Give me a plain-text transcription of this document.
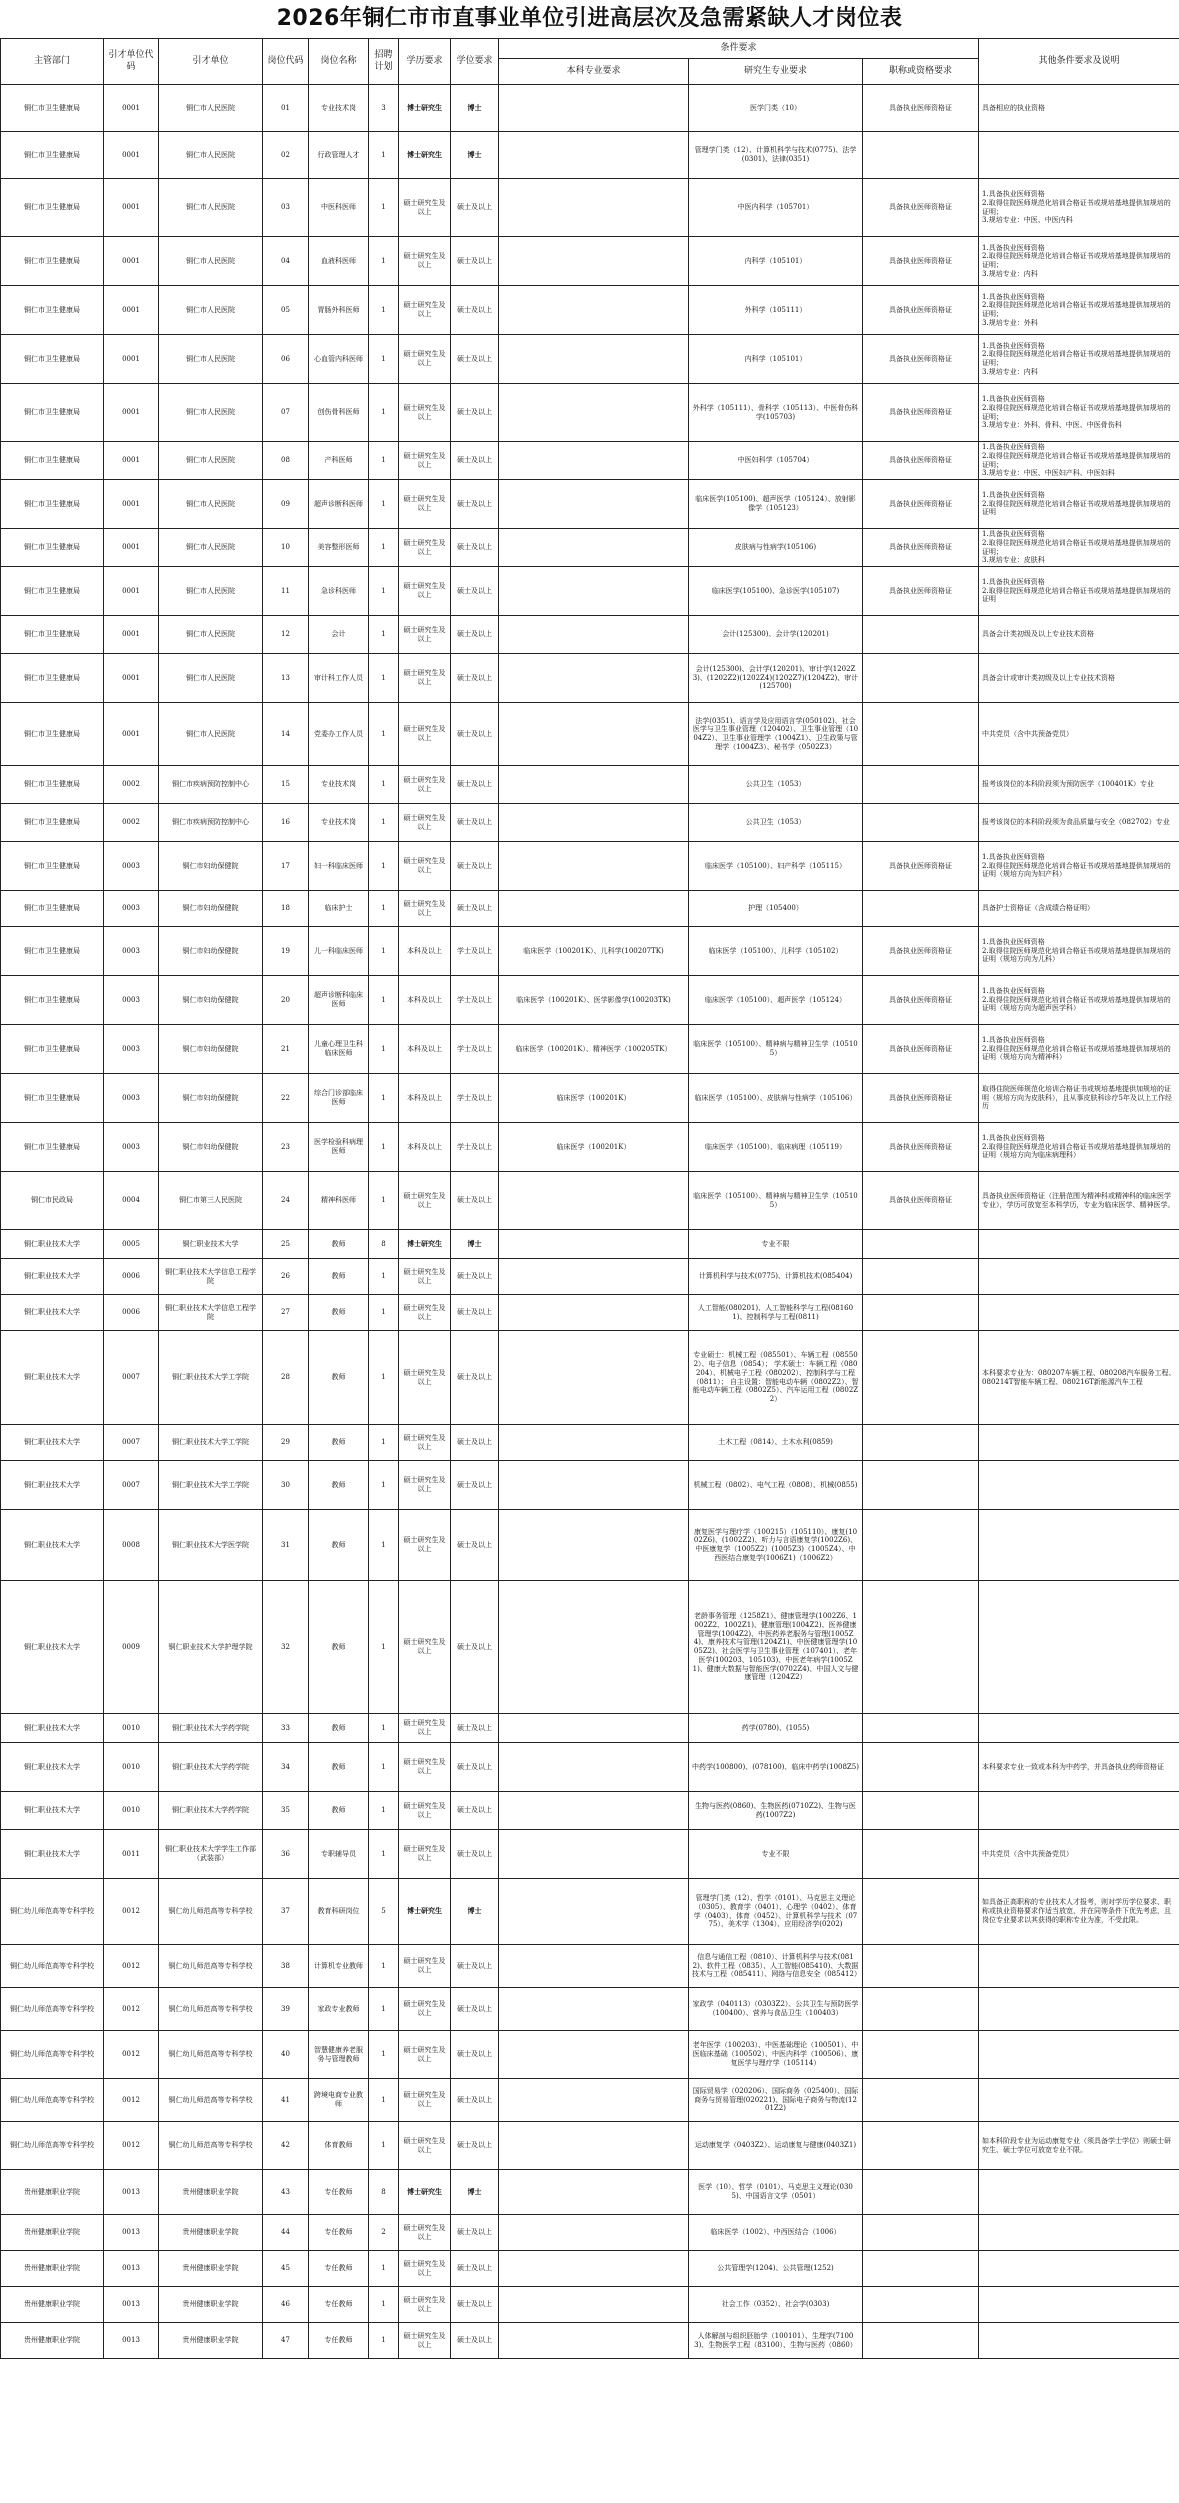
2026年铜仁市市直事业单位引进高层次及急需紧缺人才岗位表
主管部门	引才单位代码	引才单位	岗位代码	岗位名称	招聘计划	学历要求	学位要求	条件要求			其他条件要求及说明
								本科专业要求	研究生专业要求	职称或资格要求	
铜仁市卫生健康局	0001	铜仁市人民医院	01	专业技术岗	3	博士研究生	博士		医学门类（10）	具备执业医师资格证	具备相应的执业资格
铜仁市卫生健康局	0001	铜仁市人民医院	02	行政管理人才	1	博士研究生	博士		管理学门类（12）、计算机科学与技术(0775)、法学(0301)、法律(0351)		
铜仁市卫生健康局	0001	铜仁市人民医院	03	中医科医师	1	硕士研究生及以上	硕士及以上		中医内科学（105701）	具备执业医师资格证	1.具备执业医师资格
2.取得住院医师规范化培训合格证书或规培基地提供加规培的证明；
3.规培专业：中医、中医内科
铜仁市卫生健康局	0001	铜仁市人民医院	04	血液科医师	1	硕士研究生及以上	硕士及以上		内科学（105101）	具备执业医师资格证	1.具备执业医师资格
2.取得住院医师规范化培训合格证书或规培基地提供加规培的证明；
3.规培专业：内科
铜仁市卫生健康局	0001	铜仁市人民医院	05	胃肠外科医师	1	硕士研究生及以上	硕士及以上		外科学（105111）	具备执业医师资格证	1.具备执业医师资格
2.取得住院医师规范化培训合格证书或规培基地提供加规培的证明；
3.规培专业：外科
铜仁市卫生健康局	0001	铜仁市人民医院	06	心血管内科医师	1	硕士研究生及以上	硕士及以上		内科学（105101）	具备执业医师资格证	1.具备执业医师资格
2.取得住院医师规范化培训合格证书或规培基地提供加规培的证明；
3.规培专业：内科
铜仁市卫生健康局	0001	铜仁市人民医院	07	创伤骨科医师	1	硕士研究生及以上	硕士及以上		外科学（105111）、骨科学（105113）、中医骨伤科学(105703)	具备执业医师资格证	1.具备执业医师资格
2.取得住院医师规范化培训合格证书或规培基地提供加规培的证明；
3.规培专业：外科、骨科、中医、中医骨伤科
铜仁市卫生健康局	0001	铜仁市人民医院	08	产科医师	1	硕士研究生及以上	硕士及以上		中医妇科学（105704）	具备执业医师资格证	1.具备执业医师资格
2.取得住院医师规范化培训合格证书或规培基地提供加规培的证明；
3.规培专业：中医、中医妇产科、中医妇科
铜仁市卫生健康局	0001	铜仁市人民医院	09	超声诊断科医师	1	硕士研究生及以上	硕士及以上		临床医学(105100)、超声医学（105124）、放射影像学（105123）	具备执业医师资格证	1.具备执业医师资格
2.取得住院医师规范化培训合格证书或规培基地提供加规培的证明
铜仁市卫生健康局	0001	铜仁市人民医院	10	美容整形医师	1	硕士研究生及以上	硕士及以上		皮肤病与性病学(105106)	具备执业医师资格证	1.具备执业医师资格
2.取得住院医师规范化培训合格证书或规培基地提供加规培的证明；
3.规培专业：皮肤科
铜仁市卫生健康局	0001	铜仁市人民医院	11	急诊科医师	1	硕士研究生及以上	硕士及以上		临床医学(105100)、急诊医学(105107)	具备执业医师资格证	1.具备执业医师资格
2.取得住院医师规范化培训合格证书或规培基地提供加规培的证明
铜仁市卫生健康局	0001	铜仁市人民医院	12	会计	1	硕士研究生及以上	硕士及以上		会计(125300)、会计学(120201)		具备会计类初级及以上专业技术资格
铜仁市卫生健康局	0001	铜仁市人民医院	13	审计科工作人员	1	硕士研究生及以上	硕士及以上		会计(125300)、会计学(120201)、审计学(1202Z3)、(1202Z2)(1202Z4)(1202Z7)(1204Z2)、审计(125700)		具备会计或审计类初级及以上专业技术资格
铜仁市卫生健康局	0001	铜仁市人民医院	14	党委办工作人员	1	硕士研究生及以上	硕士及以上		法学(0351)、语言学及应用语言学(050102)、社会医学与卫生事业管理（120402）、卫生事业管理（1004Z2）、卫生事业管理学（1004Z1）、卫生政策与管理学（1004Z3）、秘书学（0502Z3）		中共党员（含中共预备党员）
铜仁市卫生健康局	0002	铜仁市疾病预防控制中心	15	专业技术岗	1	硕士研究生及以上	硕士及以上		公共卫生（1053）		报考该岗位的本科阶段须为预防医学（100401K）专业
铜仁市卫生健康局	0002	铜仁市疾病预防控制中心	16	专业技术岗	1	硕士研究生及以上	硕士及以上		公共卫生（1053）		报考该岗位的本科阶段须为食品质量与安全（082702）专业
铜仁市卫生健康局	0003	铜仁市妇幼保健院	17	妇一科临床医师	1	硕士研究生及以上	硕士及以上		临床医学（105100）、妇产科学（105115）	具备执业医师资格证	1.具备执业医师资格
2.取得住院医师规范化培训合格证书或规培基地提供加规培的证明（规培方向为妇产科）
铜仁市卫生健康局	0003	铜仁市妇幼保健院	18	临床护士	1	硕士研究生及以上	硕士及以上		护理（105400）		具备护士资格证（含成绩合格证明）
铜仁市卫生健康局	0003	铜仁市妇幼保健院	19	儿一科临床医师	1	本科及以上	学士及以上	临床医学（100201K）、儿科学(100207TK)	临床医学（105100）、儿科学（105102）	具备执业医师资格证	1.具备执业医师资格
2.取得住院医师规范化培训合格证书或规培基地提供加规培的证明（规培方向为儿科）
铜仁市卫生健康局	0003	铜仁市妇幼保健院	20	超声诊断科临床医师	1	本科及以上	学士及以上	临床医学（100201K）、医学影像学(100203TK)	临床医学（105100）、超声医学（105124）	具备执业医师资格证	1.具备执业医师资格
2.取得住院医师规范化培训合格证书或规培基地提供加规培的证明（规培方向为超声医学科）
铜仁市卫生健康局	0003	铜仁市妇幼保健院	21	儿童心理卫生科临床医师	1	本科及以上	学士及以上	临床医学（100201K）、精神医学（100205TK）	临床医学（105100）、精神病与精神卫生学（105105）	具备执业医师资格证	1.具备执业医师资格
2.取得住院医师规范化培训合格证书或规培基地提供加规培的证明（规培方向为精神科）
铜仁市卫生健康局	0003	铜仁市妇幼保健院	22	综合门诊部临床医师	1	本科及以上	学士及以上	临床医学（100201K）	临床医学（105100）、皮肤病与性病学（105106）	具备执业医师资格证	取得住院医师规范化培训合格证书或规培基地提供加规培的证明（规培方向为皮肤科），且从事皮肤科诊疗5年及以上工作经历
铜仁市卫生健康局	0003	铜仁市妇幼保健院	23	医学检验科病理医师	1	本科及以上	学士及以上	临床医学（100201K）	临床医学（105100）、临床病理（105119）	具备执业医师资格证	1.具备执业医师资格
2.取得住院医师规范化培训合格证书或规培基地提供加规培的证明（规培方向为临床病理科）
铜仁市民政局	0004	铜仁市第三人民医院	24	精神科医师	1	硕士研究生及以上	硕士及以上		临床医学（105100）、精神病与精神卫生学（105105）	具备执业医师资格证	具备执业医师资格证（注册范围为精神科或精神科的临床医学专业），学历可放宽至本科学历，专业为临床医学、精神医学。
铜仁职业技术大学	0005	铜仁职业技术大学	25	教师	8	博士研究生	博士		专业不限		
铜仁职业技术大学	0006	铜仁职业技术大学信息工程学院	26	教师	1	硕士研究生及以上	硕士及以上		计算机科学与技术(0775)、计算机技术(085404)		
铜仁职业技术大学	0006	铜仁职业技术大学信息工程学院	27	教师	1	硕士研究生及以上	硕士及以上		人工智能(080201)、人工智能科学与工程(081601)、控制科学与工程(0811)		
铜仁职业技术大学	0007	铜仁职业技术大学工学院	28	教师	1	硕士研究生及以上	硕士及以上		专业硕士：机械工程（085501）、车辆工程（085502）、电子信息（0854）； 学术硕士：车辆工程（080204）、机械电子工程（080202）、控制科学与工程（0811）； 自主设置：智能电动车辆（0802Z2）、智能电动车辆工程（0802Z5）、汽车运用工程（0802Z2）		本科要求专业为：080207车辆工程、080208汽车服务工程、080214T智能车辆工程、080216T新能源汽车工程
铜仁职业技术大学	0007	铜仁职业技术大学工学院	29	教师	1	硕士研究生及以上	硕士及以上		土木工程（0814）、土木水利(0859)		
铜仁职业技术大学	0007	铜仁职业技术大学工学院	30	教师	1	硕士研究生及以上	硕士及以上		机械工程（0802）、电气工程（0808）、机械(0855)		
铜仁职业技术大学	0008	铜仁职业技术大学医学院	31	教师	1	硕士研究生及以上	硕士及以上		康复医学与理疗学（100215）（105110）、康复(1002Z6)、(1002Z2)、听力与言语康复学(1002Z6)、中医康复学（1005Z2）(1005Z3)（1005Z4）、中西医结合康复学(1006Z1)（1006Z2）		
铜仁职业技术大学	0009	铜仁职业技术大学护理学院	32	教师	1	硕士研究生及以上	硕士及以上		老龄事务管理（1258Z1）、健康管理学(1002Z6、1002Z2、1002Z1)、健康管理(1004Z2)、医养健康管理学(1004Z2)、中医药养老服务与管理(1005Z4)、康养技术与管理(1204Z1)、中医健康管理学(1005Z2)、社会医学与卫生事业管理（107401）、老年医学(100203、105103)、中医老年病学(1005Z1)、健康大数据与智能医学(0702Z4)、中国人文与健康管理（1204Z2）		
铜仁职业技术大学	0010	铜仁职业技术大学药学院	33	教师	1	硕士研究生及以上	硕士及以上		药学(0780)、(1055)		
铜仁职业技术大学	0010	铜仁职业技术大学药学院	34	教师	1	硕士研究生及以上	硕士及以上		中药学(100800)、(078100)、临床中药学(1008Z5)		本科要求专业一致或本科为中药学，并具备执业药师资格证
铜仁职业技术大学	0010	铜仁职业技术大学药学院	35	教师	1	硕士研究生及以上	硕士及以上		生物与医药(0860)、生物医药(0710Z2)、生物与医药(1007Z2)		
铜仁职业技术大学	0011	铜仁职业技术大学学生工作部（武装部）	36	专职辅导员	1	硕士研究生及以上	硕士及以上		专业不限		中共党员（含中共预备党员）
铜仁幼儿师范高等专科学校	0012	铜仁幼儿师范高等专科学校	37	教育科研岗位	5	博士研究生	博士		管理学门类（12）、哲学（0101）、马克思主义理论（0305）、教育学（0401）、心理学（0402）、体育学（0403）、体育（0452）、计算机科学与技术（0775）、美术学（1304）、应用经济学(0202)		如具备正高职称的专业技术人才报考，则对学历学位要求、职称或执业资格要求作适当放宽，并在同等条件下优先考虑，且岗位专业要求以其获得的职称专业为准，不受此限。
铜仁幼儿师范高等专科学校	0012	铜仁幼儿师范高等专科学校	38	计算机专业教师	1	硕士研究生及以上	硕士及以上		信息与通信工程（0810）、计算机科学与技术(0812)、软件工程（0835）、人工智能(085410)、大数据技术与工程（085411）、网络与信息安全（085412）		
铜仁幼儿师范高等专科学校	0012	铜仁幼儿师范高等专科学校	39	家政专业教师	1	硕士研究生及以上	硕士及以上		家政学（040113）（0303Z2）、公共卫生与预防医学（100400）、营养与食品卫生（100403）		
铜仁幼儿师范高等专科学校	0012	铜仁幼儿师范高等专科学校	40	智慧健康养老服务与管理教师	1	硕士研究生及以上	硕士及以上		老年医学（100203）、中医基础理论（100501）、中医临床基础（100502）、中医内科学（100506）、康复医学与理疗学（105114）		
铜仁幼儿师范高等专科学校	0012	铜仁幼儿师范高等专科学校	41	跨境电商专业教师	1	硕士研究生及以上	硕士及以上		国际贸易学（020206）、国际商务（025400）、国际商务与贸易管理(020221)、国际电子商务与物流(1201Z2)		
铜仁幼儿师范高等专科学校	0012	铜仁幼儿师范高等专科学校	42	体育教师	1	硕士研究生及以上	硕士及以上		运动康复学（0403Z2）、运动康复与健康(0403Z1)		如本科阶段专业为运动康复专业（须具备学士学位）则硕士研究生、硕士学位可放宽专业不限。
贵州健康职业学院	0013	贵州健康职业学院	43	专任教师	8	博士研究生	博士		医学（10）、哲学（0101）、马克思主义理论(0305)、中国语言文学（0501）		
贵州健康职业学院	0013	贵州健康职业学院	44	专任教师	2	硕士研究生及以上	硕士及以上		临床医学（1002）、中西医结合（1006）		
贵州健康职业学院	0013	贵州健康职业学院	45	专任教师	1	硕士研究生及以上	硕士及以上		公共管理学(1204)、公共管理(1252)		
贵州健康职业学院	0013	贵州健康职业学院	46	专任教师	1	硕士研究生及以上	硕士及以上		社会工作（0352）、社会学(0303)		
贵州健康职业学院	0013	贵州健康职业学院	47	专任教师	1	硕士研究生及以上	硕士及以上		人体解剖与组织胚胎学（100101）、生理学(71003)、生物医学工程（83100）、生物与医药（0860）		
